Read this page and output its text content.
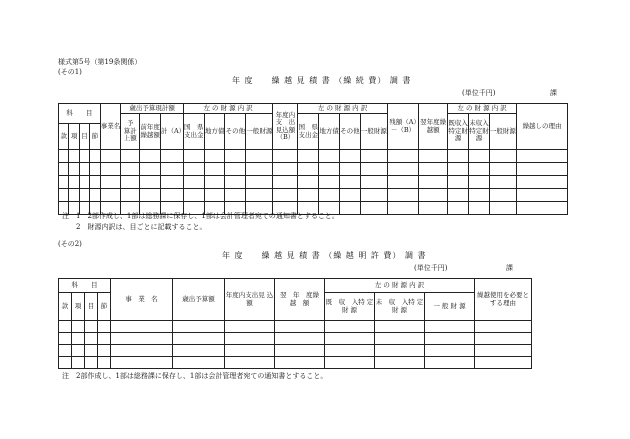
様式第5号（第19条関係）
(その1)
年 度　　繰 越 見 積 書 （繰 続 費） 調 書
(単位千円)	課
科　　目				事業名	歳出予算現計額			左 の 財 源 内 訳				年度内支　出見込額（B）	左 の 財 源 内 訳				残額（A）－（B）	翌年度繰越額	左 の 財 源 内 訳			繰越しの理由
					予　算計上額	前年度繰越額	計（A）	国　県支出金	地方債	その他	一般財源		国　県支出金	地方債	その他	一般財源			既収入特定財源	未収入特定財源	一般財源	
款	項	目	節																			

注　1　2部作成し、1部は総務課に保存し、1部は会計管理者宛ての通知書とすること。
　　2　財源内訳は、目ごとに記載すること。
(その2)
年 度　　繰 越 見 積 書 （繰 越 明 許 費） 調 書
(単位千円)	課
科　　目				事　業　名	歳出予算額	年度内支出見 込 額	翌　年　度繰　越　額	左 の 財 源 内 訳			繰越使用を必要とする理由
款	項	目	節					既　収　入特 定 財 源	未　収　入特 定 財 源	一 般 財 源	

注　2部作成し、1部は総務課に保存し、1部は会計管理者宛ての通知書とすること。
